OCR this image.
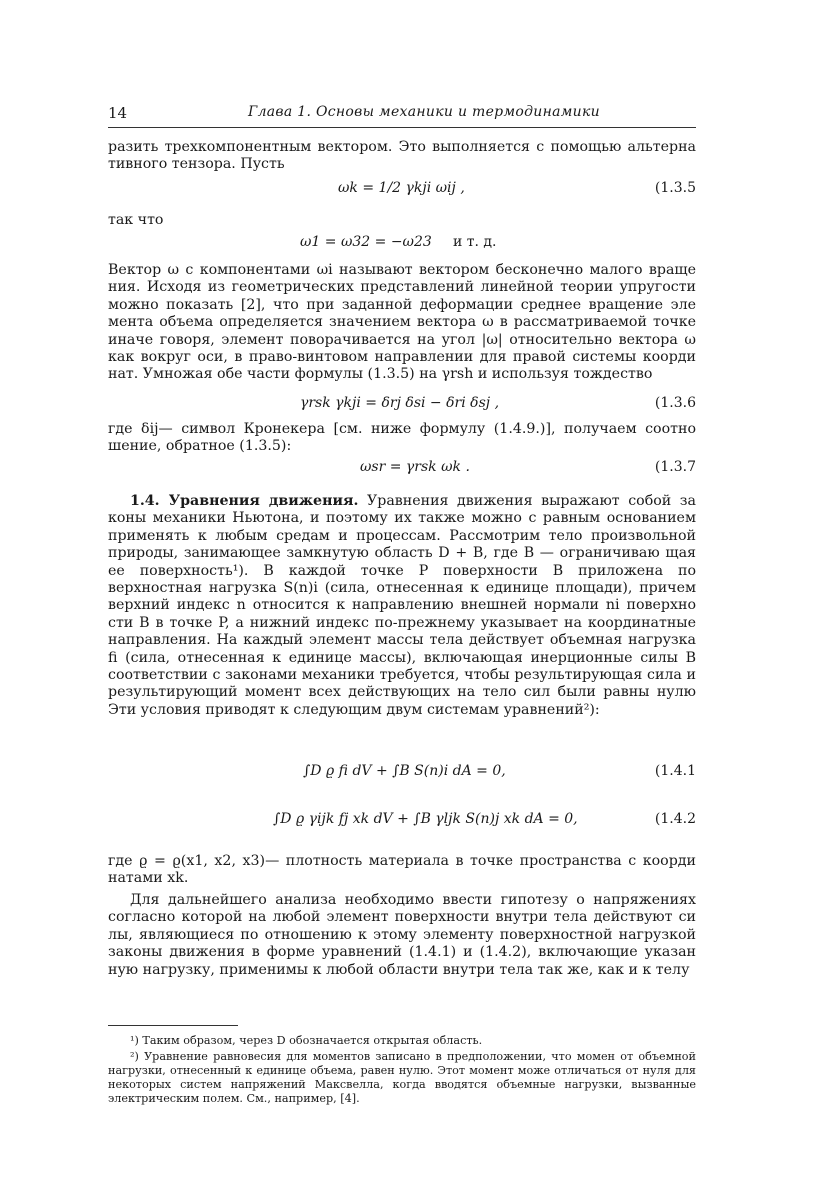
14	Глава 1. Основы механики и термодинамики
разить трехкомпонентным вектором. Это выполняется с помощью альтерна тивного тензора. Пусть
ωk = 1/2 γkji ωij ,	(1.3.5
так что
ω1 = ω32 = −ω23 и т. д.
Вектор ω с компонентами ωi называют вектором бесконечно малого враще ния. Исходя из геометрических представлений линейной теории упругости можно показать [2], что при заданной деформации среднее вращение эле мента объема определяется значением вектора ω в рассматриваемой точке иначе говоря, элемент поворачивается на угол |ω| относительно вектора ω как вокруг оси, в право-винтовом направлении для правой системы коорди нат. Умножая обе части формулы (1.3.5) на γrsh и используя тождество
γrsk γkji = δrj δsi − δri δsj ,	(1.3.6
где δij— символ Кронекера [см. ниже формулу (1.4.9.)], получаем соотно шение, обратное (1.3.5):
ωsr = γrsk ωk .	(1.3.7
1.4. Уравнения движения. Уравнения движения выражают собой за коны механики Ньютона, и поэтому их также можно с равным основанием применять к любым средам и процессам. Рассмотрим тело произвольной природы, занимающее замкнутую область D + B, где B — ограничиваю щая ее поверхность¹). В каждой точке P поверхности B приложена по верхностная нагрузка S(n)i (сила, отнесенная к единице площади), причем верхний индекс n относится к направлению внешней нормали ni поверхно сти B в точке P, а нижний индекс по-прежнему указывает на координатные направления. На каждый элемент массы тела действует объемная нагрузка fi (сила, отнесенная к единице массы), включающая инерционные силы В соответствии с законами механики требуется, чтобы результирующая сила и результирующий момент всех действующих на тело сил были равны нулю Эти условия приводят к следующим двум системам уравнений²):
∫D ϱ fi dV + ∫B S(n)i dA = 0,	(1.4.1
∫D ϱ γijk fj xk dV + ∫B γljk S(n)j xk dA = 0,	(1.4.2
где ϱ = ϱ(x1, x2, x3)— плотность материала в точке пространства с коорди натами xk.
Для дальнейшего анализа необходимо ввести гипотезу о напряжениях согласно которой на любой элемент поверхности внутри тела действуют си лы, являющиеся по отношению к этому элементу поверхностной нагрузкой законы движения в форме уравнений (1.4.1) и (1.4.2), включающие указан ную нагрузку, применимы к любой области внутри тела так же, как и к телу
¹) Таким образом, через D обозначается открытая область.
²) Уравнение равновесия для моментов записано в предположении, что момен от объемной нагрузки, отнесенный к единице объема, равен нулю. Этот момент може отличаться от нуля для некоторых систем напряжений Максвелла, когда вводятся объемные нагрузки, вызванные электрическим полем. См., например, [4].
